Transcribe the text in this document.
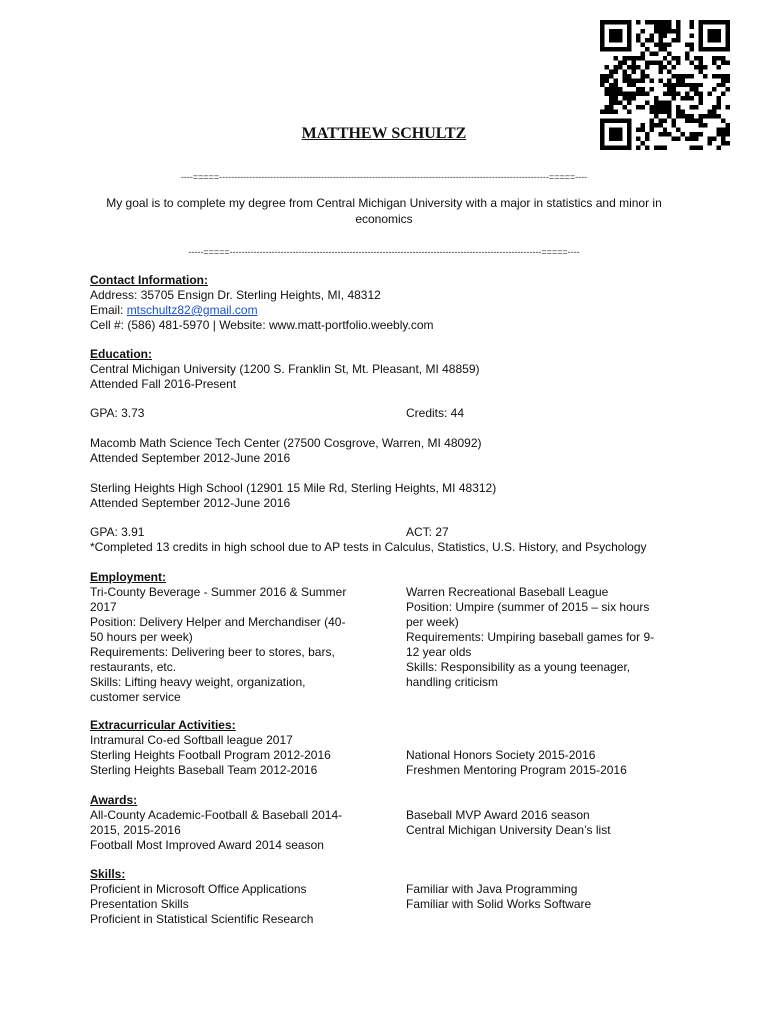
MATTHEW SCHULTZ
----=====--------------------------------------------------------------------------------------------------------------=====----
My goal is to complete my degree from Central Michigan University with a major in statistics and minor in
economics
-----=====--------------------------------------------------------------------------------------------------------=====----
Contact Information:
Address: 35705 Ensign Dr. Sterling Heights, MI, 48312
Email: mtschultz82@gmail.com
Cell #: (586) 481-5970 | Website: www.matt-portfolio.weebly.com
Education:
Central Michigan University (1200 S. Franklin St, Mt. Pleasant, MI 48859)
Attended Fall 2016-Present
GPA: 3.73	Credits: 44
Macomb Math Science Tech Center (27500 Cosgrove, Warren, MI 48092)
Attended September 2012-June 2016
Sterling Heights High School (12901 15 Mile Rd, Sterling Heights, MI 48312)
Attended September 2012-June 2016
GPA: 3.91	ACT: 27
*Completed 13 credits in high school due to AP tests in Calculus, Statistics, U.S. History, and Psychology
Employment:
Tri-County Beverage - Summer 2016 & Summer
2017
Position: Delivery Helper and Merchandiser (40-
50 hours per week)
Requirements: Delivering beer to stores, bars,
restaurants, etc.
Skills: Lifting heavy weight, organization,
customer service
Warren Recreational Baseball League
Position: Umpire (summer of 2015 – six hours
per week)
Requirements: Umpiring baseball games for 9-
12 year olds
Skills: Responsibility as a young teenager,
handling criticism
Extracurricular Activities:
Intramural Co-ed Softball league 2017
Sterling Heights Football Program 2012-2016
Sterling Heights Baseball Team 2012-2016
National Honors Society 2015-2016
Freshmen Mentoring Program 2015-2016
Awards:
All-County Academic-Football & Baseball 2014-
2015, 2015-2016
Football Most Improved Award 2014 season
Baseball MVP Award 2016 season
Central Michigan University Dean’s list
Skills:
Proficient in Microsoft Office Applications
Presentation Skills
Proficient in Statistical Scientific Research
Familiar with Java Programming
Familiar with Solid Works Software
